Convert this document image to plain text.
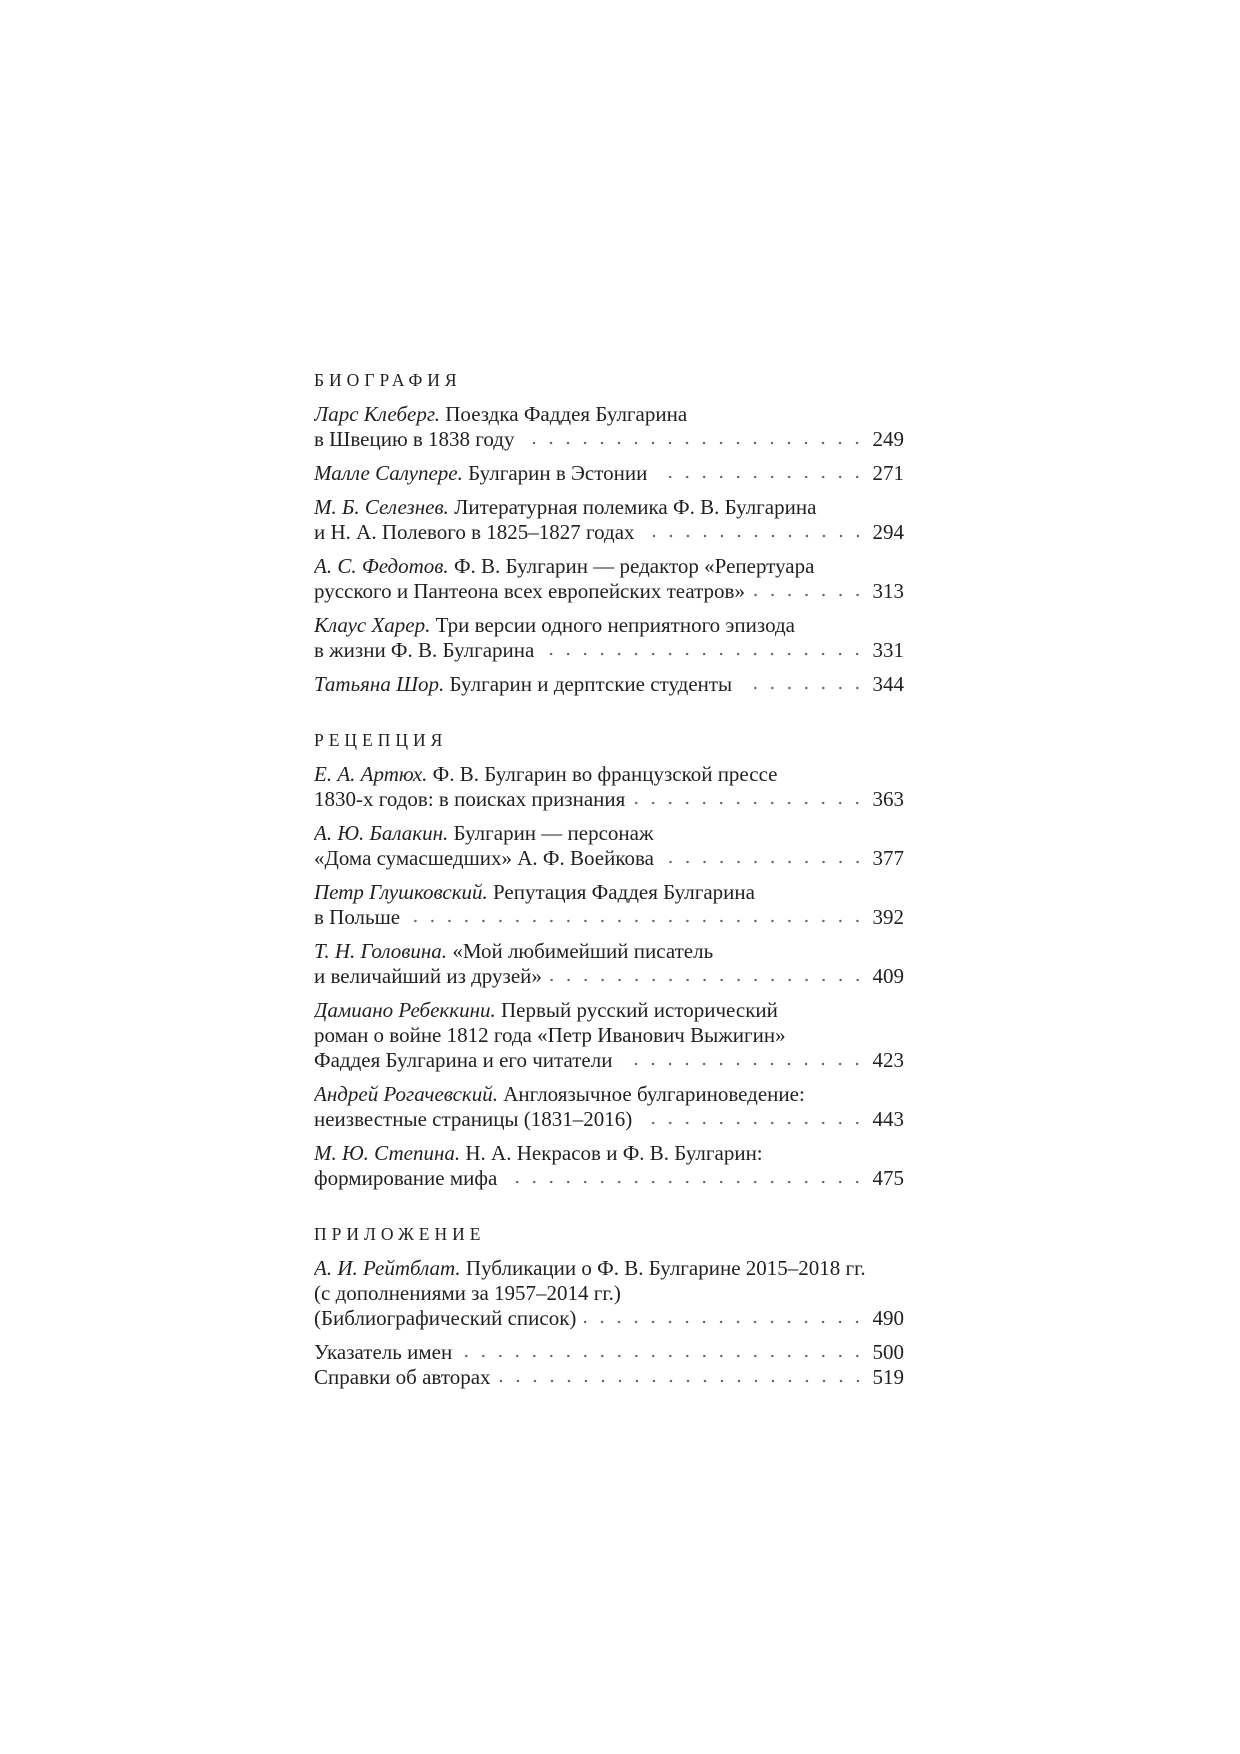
БИОГРАФИЯ
Ларс Клеберг. Поездка Фаддея Булгарина
в Швецию в 1838 году	249
Малле Салупере. Булгарин в Эстонии	271
М. Б. Селезнев. Литературная полемика Ф. В. Булгарина
и Н. А. Полевого в 1825–1827 годах	294
А. С. Федотов. Ф. В. Булгарин — редактор «Репертуара
русского и Пантеона всех европейских театров»	313
Клаус Харер. Три версии одного неприятного эпизода
в жизни Ф. В. Булгарина	331
Татьяна Шор. Булгарин и дерптские студенты	344
РЕЦЕПЦИЯ
Е. А. Артюх. Ф. В. Булгарин во французской прессе
1830-х годов: в поисках признания	363
А. Ю. Балакин. Булгарин — персонаж
«Дома сумасшедших» А. Ф. Воейкова	377
Петр Глушковский. Репутация Фаддея Булгарина
в Польше	392
Т. Н. Головина. «Мой любимейший писатель
и величайший из друзей»	409
Дамиано Ребеккини. Первый русский исторический
роман о войне 1812 года «Петр Иванович Выжигин»
Фаддея Булгарина и его читатели	423
Андрей Рогачевский. Англоязычное булгариноведение:
неизвестные страницы (1831–2016)	443
М. Ю. Степина. Н. А. Некрасов и Ф. В. Булгарин:
формирование мифа	475
ПРИЛОЖЕНИЕ
А. И. Рейтблат. Публикации о Ф. В. Булгарине 2015–2018 гг.
(с дополнениями за 1957–2014 гг.)
(Библиографический список)	490
Указатель имен	500
Справки об авторах	519
